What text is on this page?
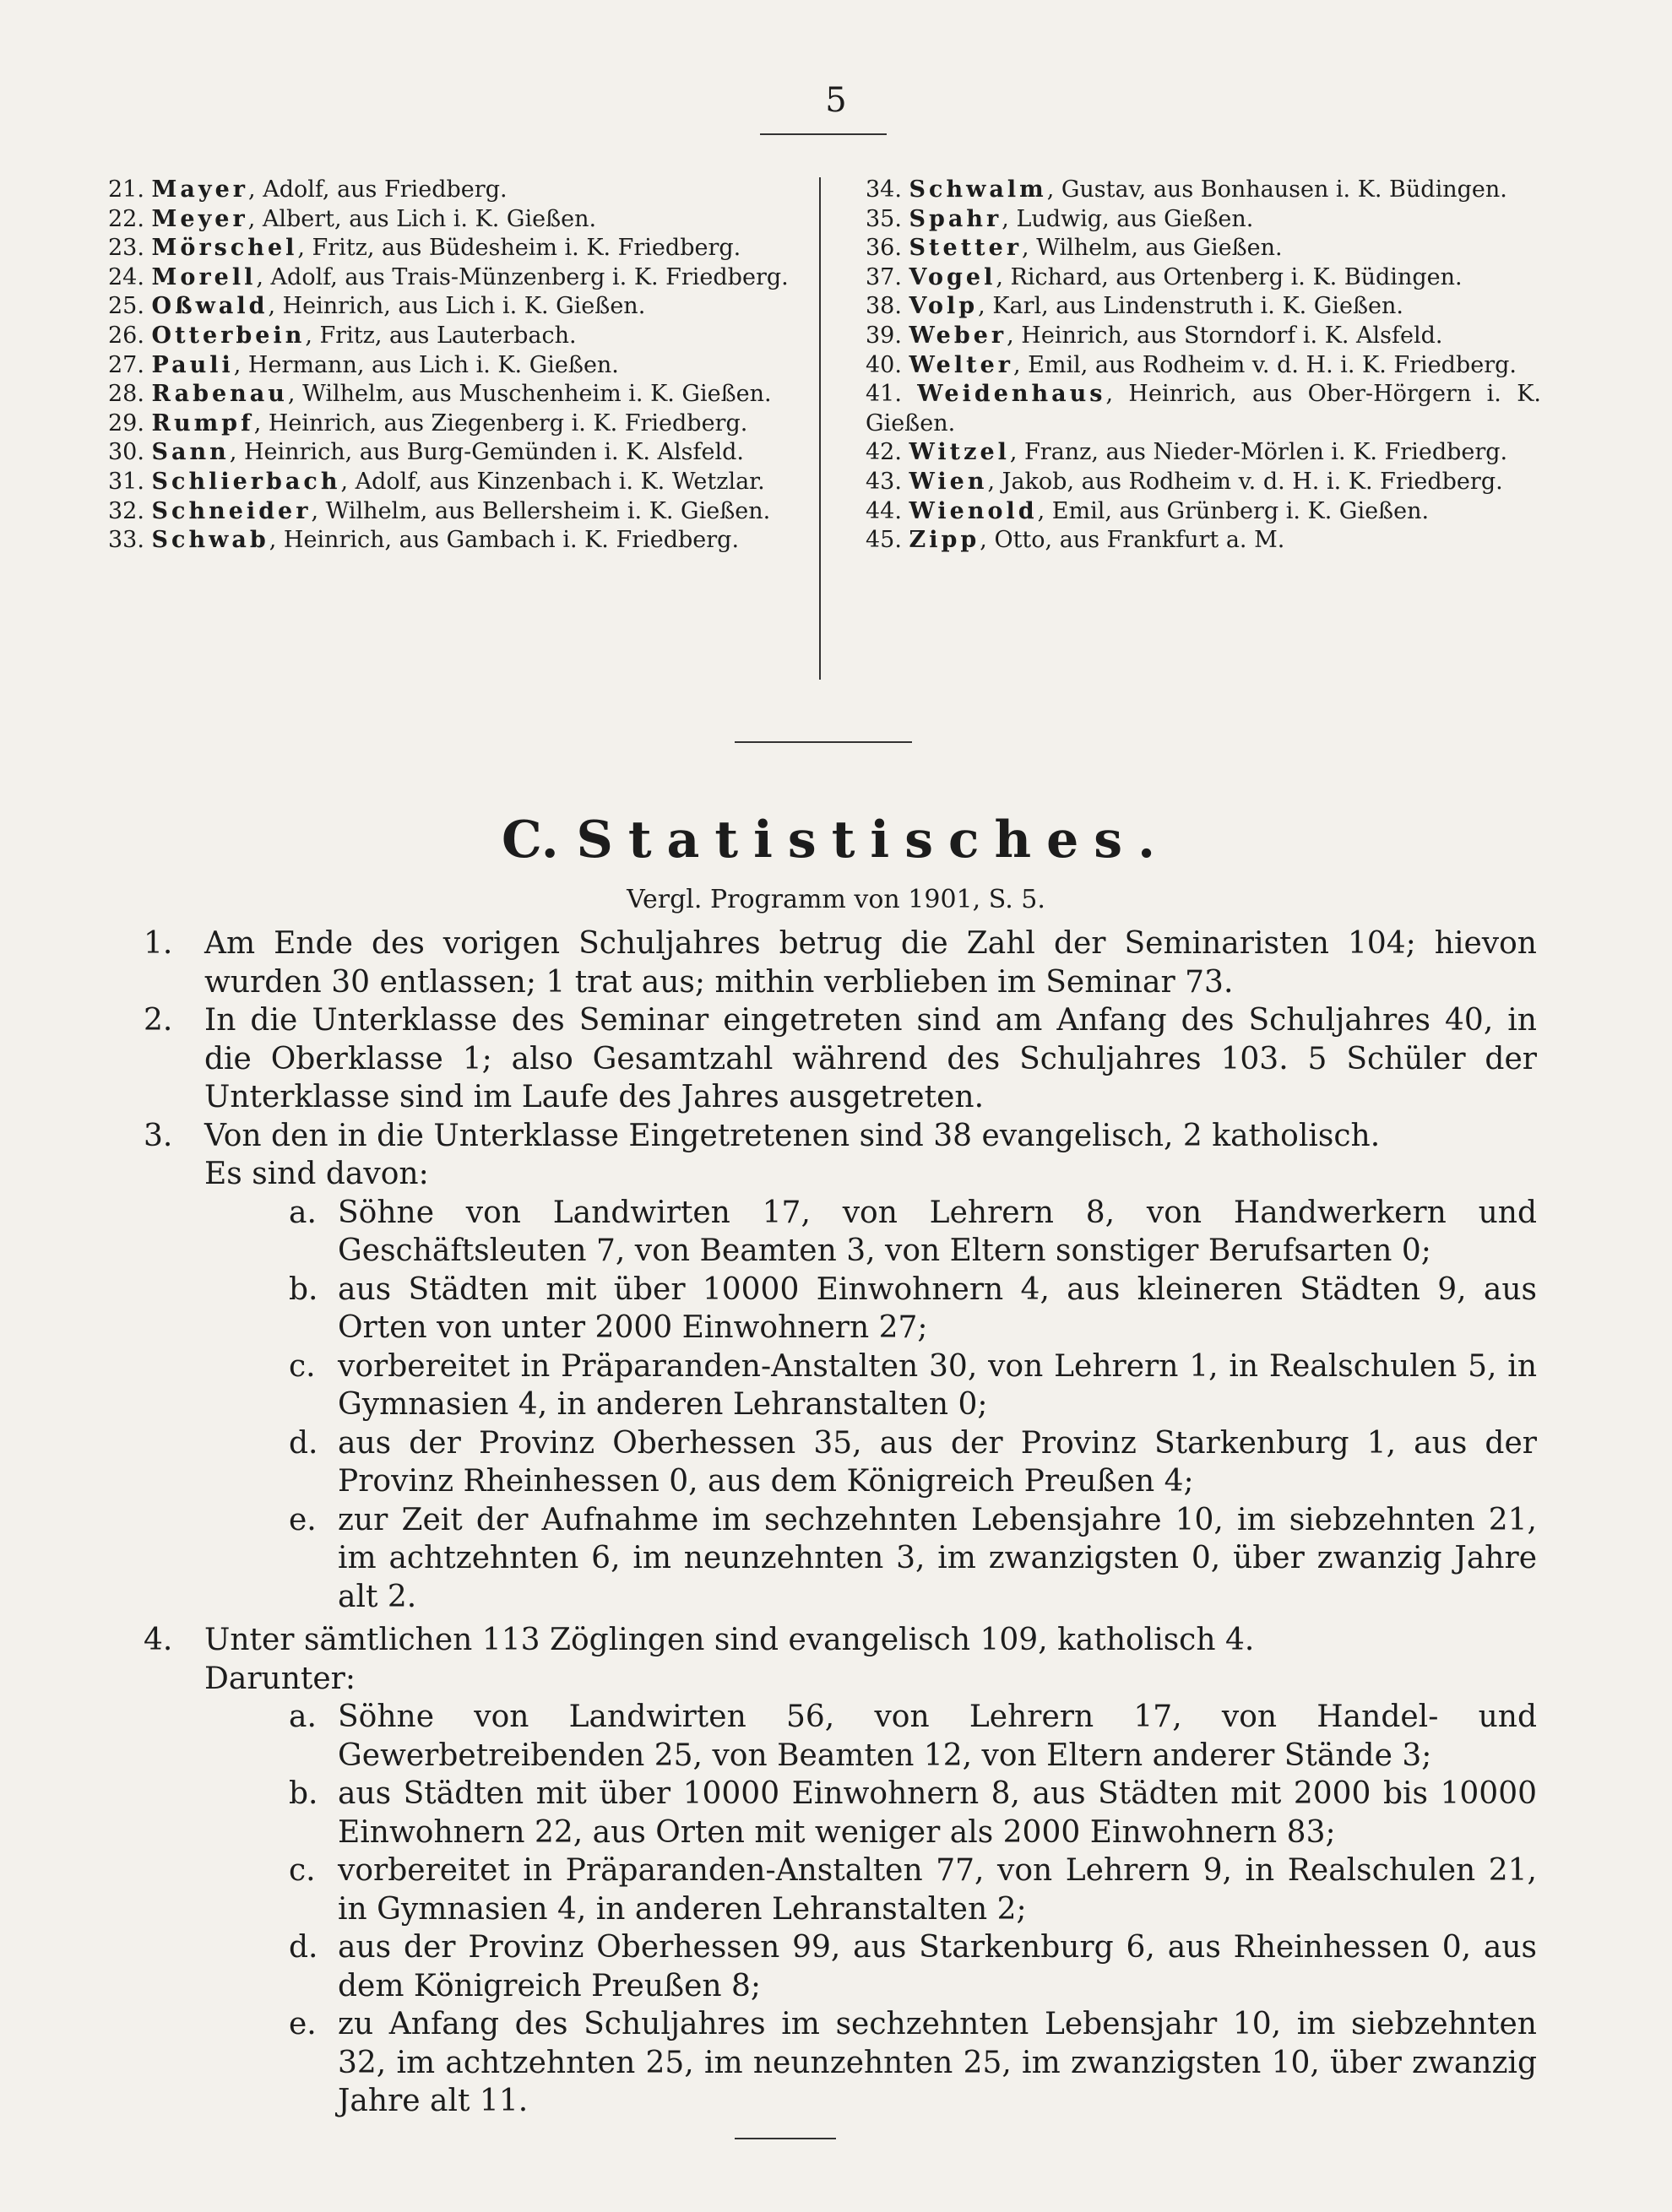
5

21. Mayer, Adolf, aus Friedberg.

22. Meyer, Albert, aus Lich i. K. Gießen.

23. Mörschel, Fritz, aus Büdesheim i. K. Friedberg.

24. Morell, Adolf, aus Trais-Münzenberg i. K. Friedberg.

25. Oßwald, Heinrich, aus Lich i. K. Gießen.

26. Otterbein, Fritz, aus Lauterbach.

27. Pauli, Hermann, aus Lich i. K. Gießen.

28. Rabenau, Wilhelm, aus Muschenheim i. K. Gießen.

29. Rumpf, Heinrich, aus Ziegenberg i. K. Friedberg.

30. Sann, Heinrich, aus Burg-Gemünden i. K. Alsfeld.

31. Schlierbach, Adolf, aus Kinzenbach i. K. Wetzlar.

32. Schneider, Wilhelm, aus Bellersheim i. K. Gießen.

33. Schwab, Heinrich, aus Gambach i. K. Friedberg.

34. Schwalm, Gustav, aus Bonhausen i. K. Büdingen.

35. Spahr, Ludwig, aus Gießen.

36. Stetter, Wilhelm, aus Gießen.

37. Vogel, Richard, aus Ortenberg i. K. Büdingen.

38. Volp, Karl, aus Lindenstruth i. K. Gießen.

39. Weber, Heinrich, aus Storndorf i. K. Alsfeld.

40. Welter, Emil, aus Rodheim v. d. H. i. K. Friedberg.

41. Weidenhaus, Heinrich, aus Ober-Hörgern i. K. Gießen.

42. Witzel, Franz, aus Nieder-Mörlen i. K. Friedberg.

43. Wien, Jakob, aus Rodheim v. d. H. i. K. Friedberg.

44. Wienold, Emil, aus Grünberg i. K. Gießen.

45. Zipp, Otto, aus Frankfurt a. M.

C. Statistisches.
Vergl. Programm von 1901, S. 5.

1. Am Ende des vorigen Schuljahres betrug die Zahl der Seminaristen 104; hievon wurden 30 entlassen; 1 trat aus; mithin verblieben im Seminar 73.

2. In die Unterklasse des Seminar eingetreten sind am Anfang des Schuljahres 40, in die Oberklasse 1; also Gesamtzahl während des Schuljahres 103. 5 Schüler der Unterklasse sind im Laufe des Jahres ausgetreten.

3. Von den in die Unterklasse Eingetretenen sind 38 evangelisch, 2 katholisch.

Es sind davon:

a. Söhne von Landwirten 17, von Lehrern 8, von Handwerkern und Geschäftsleuten 7, von Beamten 3, von Eltern sonstiger Berufsarten 0;

b. aus Städten mit über 10000 Einwohnern 4, aus kleineren Städten 9, aus Orten von unter 2000 Einwohnern 27;

c. vorbereitet in Präparanden-Anstalten 30, von Lehrern 1, in Realschulen 5, in Gymnasien 4, in anderen Lehranstalten 0;

d. aus der Provinz Oberhessen 35, aus der Provinz Starkenburg 1, aus der Provinz Rheinhessen 0, aus dem Königreich Preußen 4;

e. zur Zeit der Aufnahme im sechzehnten Lebensjahre 10, im siebzehnten 21, im achtzehnten 6, im neunzehnten 3, im zwanzigsten 0, über zwanzig Jahre alt 2.

4. Unter sämtlichen 113 Zöglingen sind evangelisch 109, katholisch 4.

Darunter:

a. Söhne von Landwirten 56, von Lehrern 17, von Handel- und Gewerbetreibenden 25, von Beamten 12, von Eltern anderer Stände 3;

b. aus Städten mit über 10000 Einwohnern 8, aus Städten mit 2000 bis 10000 Einwohnern 22, aus Orten mit weniger als 2000 Einwohnern 83;

c. vorbereitet in Präparanden-Anstalten 77, von Lehrern 9, in Realschulen 21, in Gymnasien 4, in anderen Lehranstalten 2;

d. aus der Provinz Oberhessen 99, aus Starkenburg 6, aus Rheinhessen 0, aus dem Königreich Preußen 8;

e. zu Anfang des Schuljahres im sechzehnten Lebensjahr 10, im siebzehnten 32, im achtzehnten 25, im neunzehnten 25, im zwanzigsten 10, über zwanzig Jahre alt 11.
